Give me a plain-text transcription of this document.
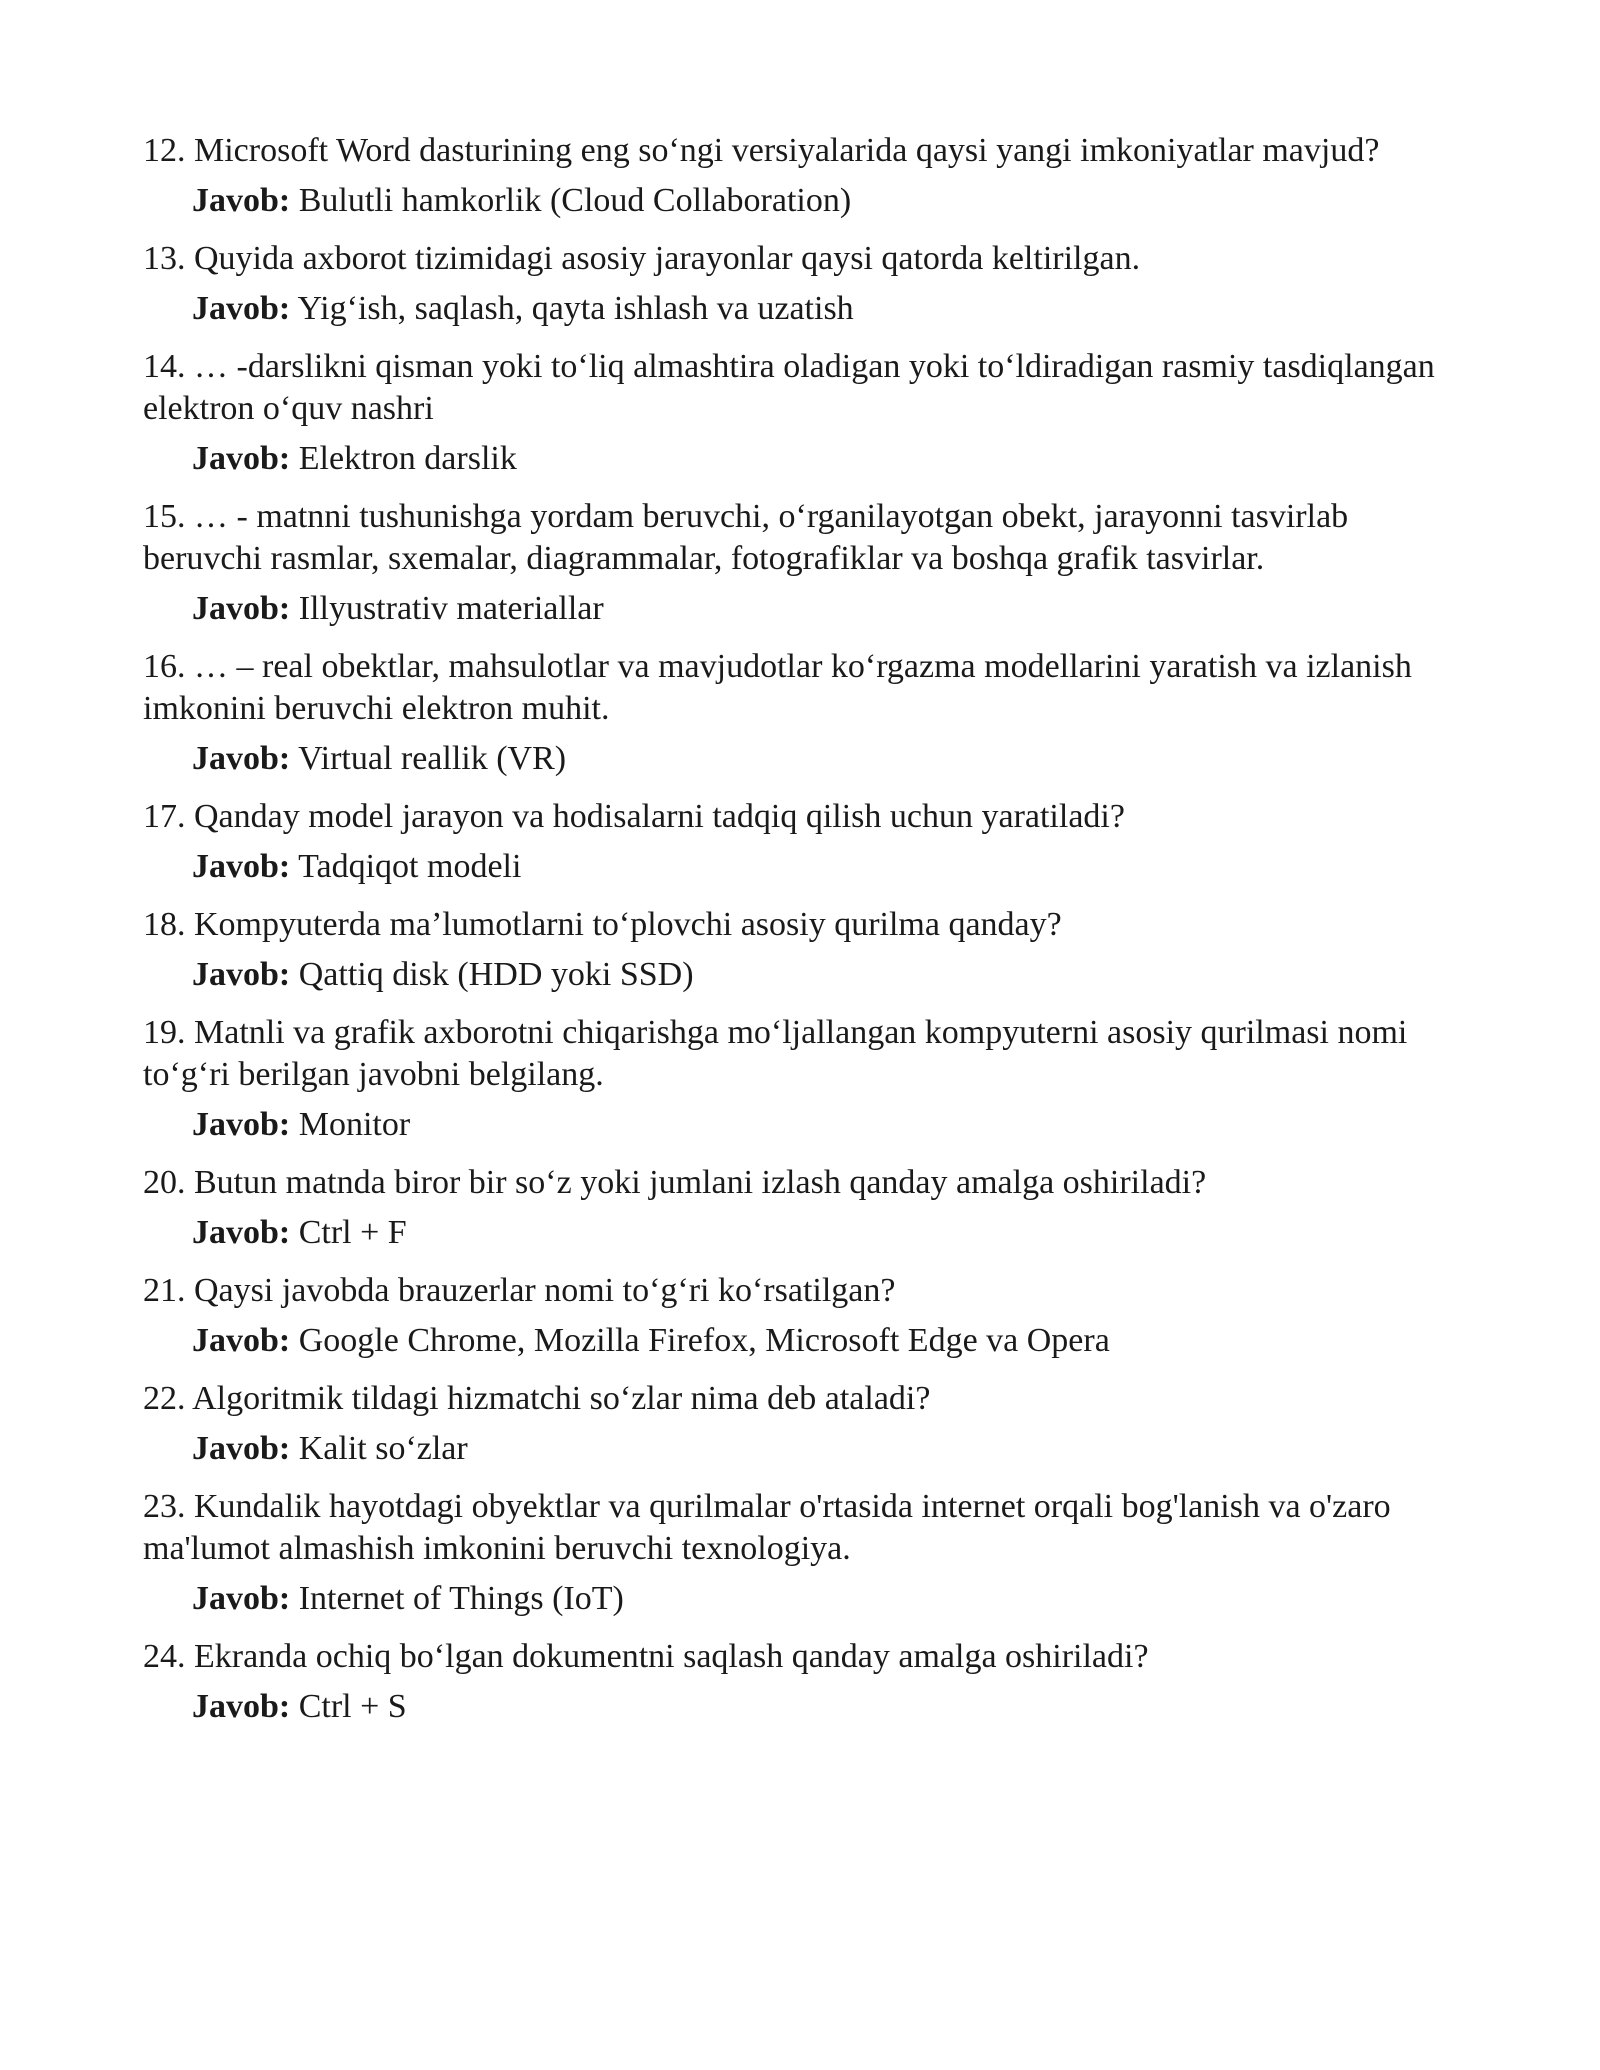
12. Microsoft Word dasturining eng so‘ngi versiyalarida qaysi yangi imkoniyatlar mavjud?

Javob: Bulutli hamkorlik (Cloud Collaboration)

13. Quyida axborot tizimidagi asosiy jarayonlar qaysi qatorda keltirilgan.

Javob: Yig‘ish, saqlash, qayta ishlash va uzatish

14. … -darslikni qisman yoki to‘liq almashtira oladigan yoki to‘ldiradigan rasmiy tasdiqlangan elektron o‘quv nashri

Javob: Elektron darslik

15. … - matnni tushunishga yordam beruvchi, o‘rganilayotgan obekt, jarayonni tasvirlab beruvchi rasmlar, sxemalar, diagrammalar, fotografiklar va boshqa grafik tasvirlar.

Javob: Illyustrativ materiallar

16. … – real obektlar, mahsulotlar va mavjudotlar ko‘rgazma modellarini yaratish va izlanish imkonini beruvchi elektron muhit.

Javob: Virtual reallik (VR)

17. Qanday model jarayon va hodisalarni tadqiq qilish uchun yaratiladi?

Javob: Tadqiqot modeli

18. Kompyuterda ma’lumotlarni to‘plovchi asosiy qurilma qanday?

Javob: Qattiq disk (HDD yoki SSD)

19. Matnli va grafik axborotni chiqarishga mo‘ljallangan kompyuterni asosiy qurilmasi nomi to‘g‘ri berilgan javobni belgilang.

Javob: Monitor

20. Butun matnda biror bir so‘z yoki jumlani izlash qanday amalga oshiriladi?

Javob: Ctrl + F

21. Qaysi javobda brauzerlar nomi to‘g‘ri ko‘rsatilgan?

Javob: Google Chrome, Mozilla Firefox, Microsoft Edge va Opera

22. Algoritmik tildagi hizmatchi so‘zlar nima deb ataladi?

Javob: Kalit so‘zlar

23. Kundalik hayotdagi obyektlar va qurilmalar o'rtasida internet orqali bog'lanish va o'zaro ma'lumot almashish imkonini beruvchi texnologiya.

Javob: Internet of Things (IoT)

24. Ekranda ochiq bo‘lgan dokumentni saqlash qanday amalga oshiriladi?

Javob: Ctrl + S
